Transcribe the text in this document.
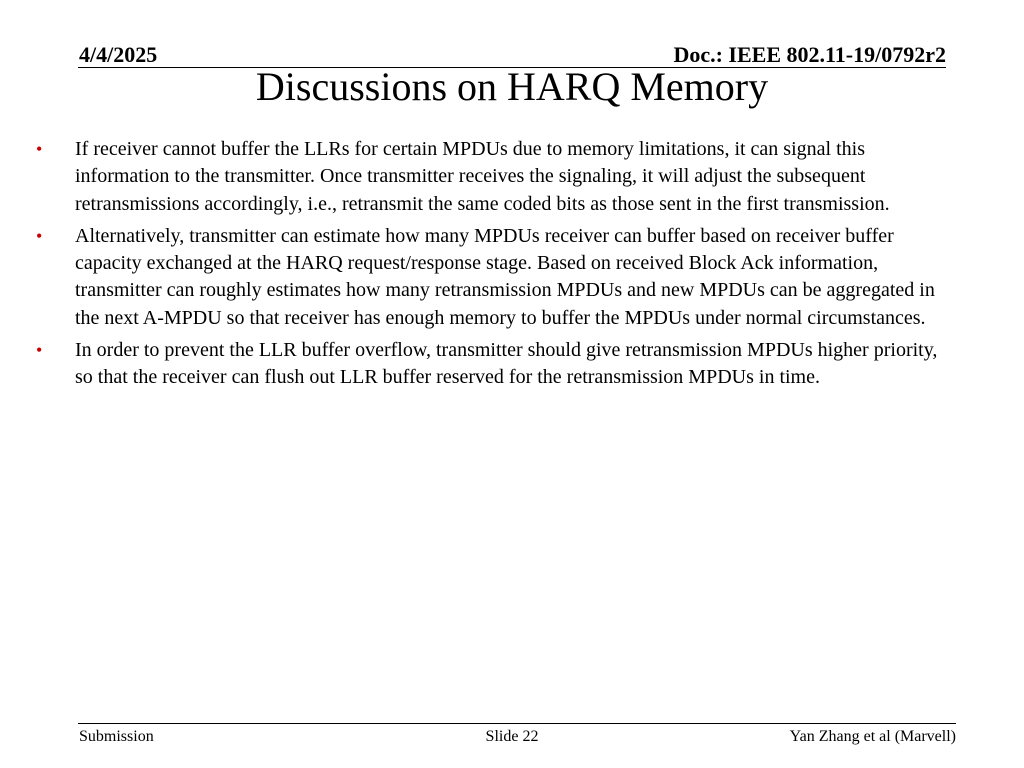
4/4/2025	Doc.: IEEE 802.11-19/0792r2
Discussions on HARQ Memory
•	If receiver cannot buffer the LLRs for certain MPDUs due to memory limitations, it can signal this information to the transmitter. Once transmitter receives the signaling, it will adjust the subsequent retransmissions accordingly, i.e., retransmit the same coded bits as those sent in the first transmission.
•	Alternatively, transmitter can estimate how many MPDUs receiver can buffer based on receiver buffer capacity exchanged at the HARQ request/response stage. Based on received Block Ack information, transmitter can roughly estimates how many retransmission MPDUs and new MPDUs can be aggregated in the next A-MPDU so that receiver has enough memory to buffer the MPDUs under normal circumstances.
•	In order to prevent the LLR buffer overflow, transmitter should give retransmission MPDUs higher priority, so that the receiver can flush out LLR buffer reserved for the retransmission MPDUs in time.
Submission	Slide 22	Yan Zhang et al (Marvell)
